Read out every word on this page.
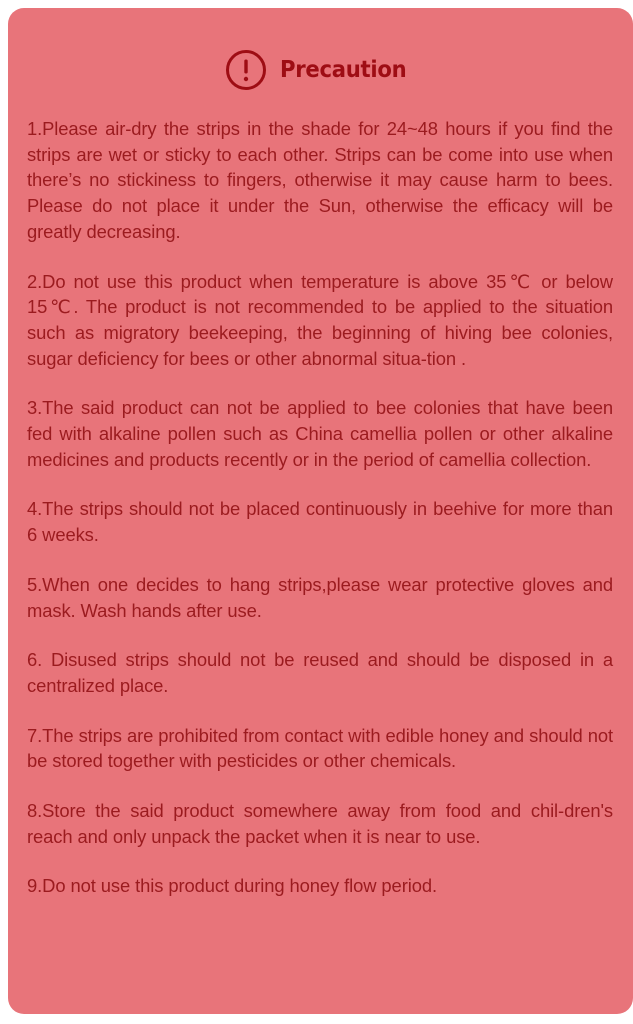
Precaution
1.Please air-dry the strips in the shade for 24~48 hours if you find the strips are wet or sticky to each other. Strips can be come into use when there’s no stickiness to fingers, otherwise it may cause harm to bees. Please do not place it under the Sun, otherwise the efficacy will be greatly decreasing.
2.Do not use this product when temperature is above 35℃ or below 15℃. The product is not recommended to be applied to the situation such as migratory beekeeping, the beginning of hiving bee colonies, sugar deficiency for bees or other abnormal situa-tion .
3.The said product can not be applied to bee colonies that have been fed with alkaline pollen such as China camellia pollen or other alkaline medicines and products recently or in the period of camellia collection.
4.The strips should not be placed continuously in beehive for more than 6 weeks.
5.When one decides to hang strips,please wear protective gloves and mask. Wash hands after use.
6. Disused strips should not be reused and should be disposed in a centralized place.
7.The strips are prohibited from contact with edible honey and should not be stored together with pesticides or other chemicals.
8.Store the said product somewhere away from food and chil-dren's reach and only unpack the packet when it is near to use.
9.Do not use this product during honey flow period.
